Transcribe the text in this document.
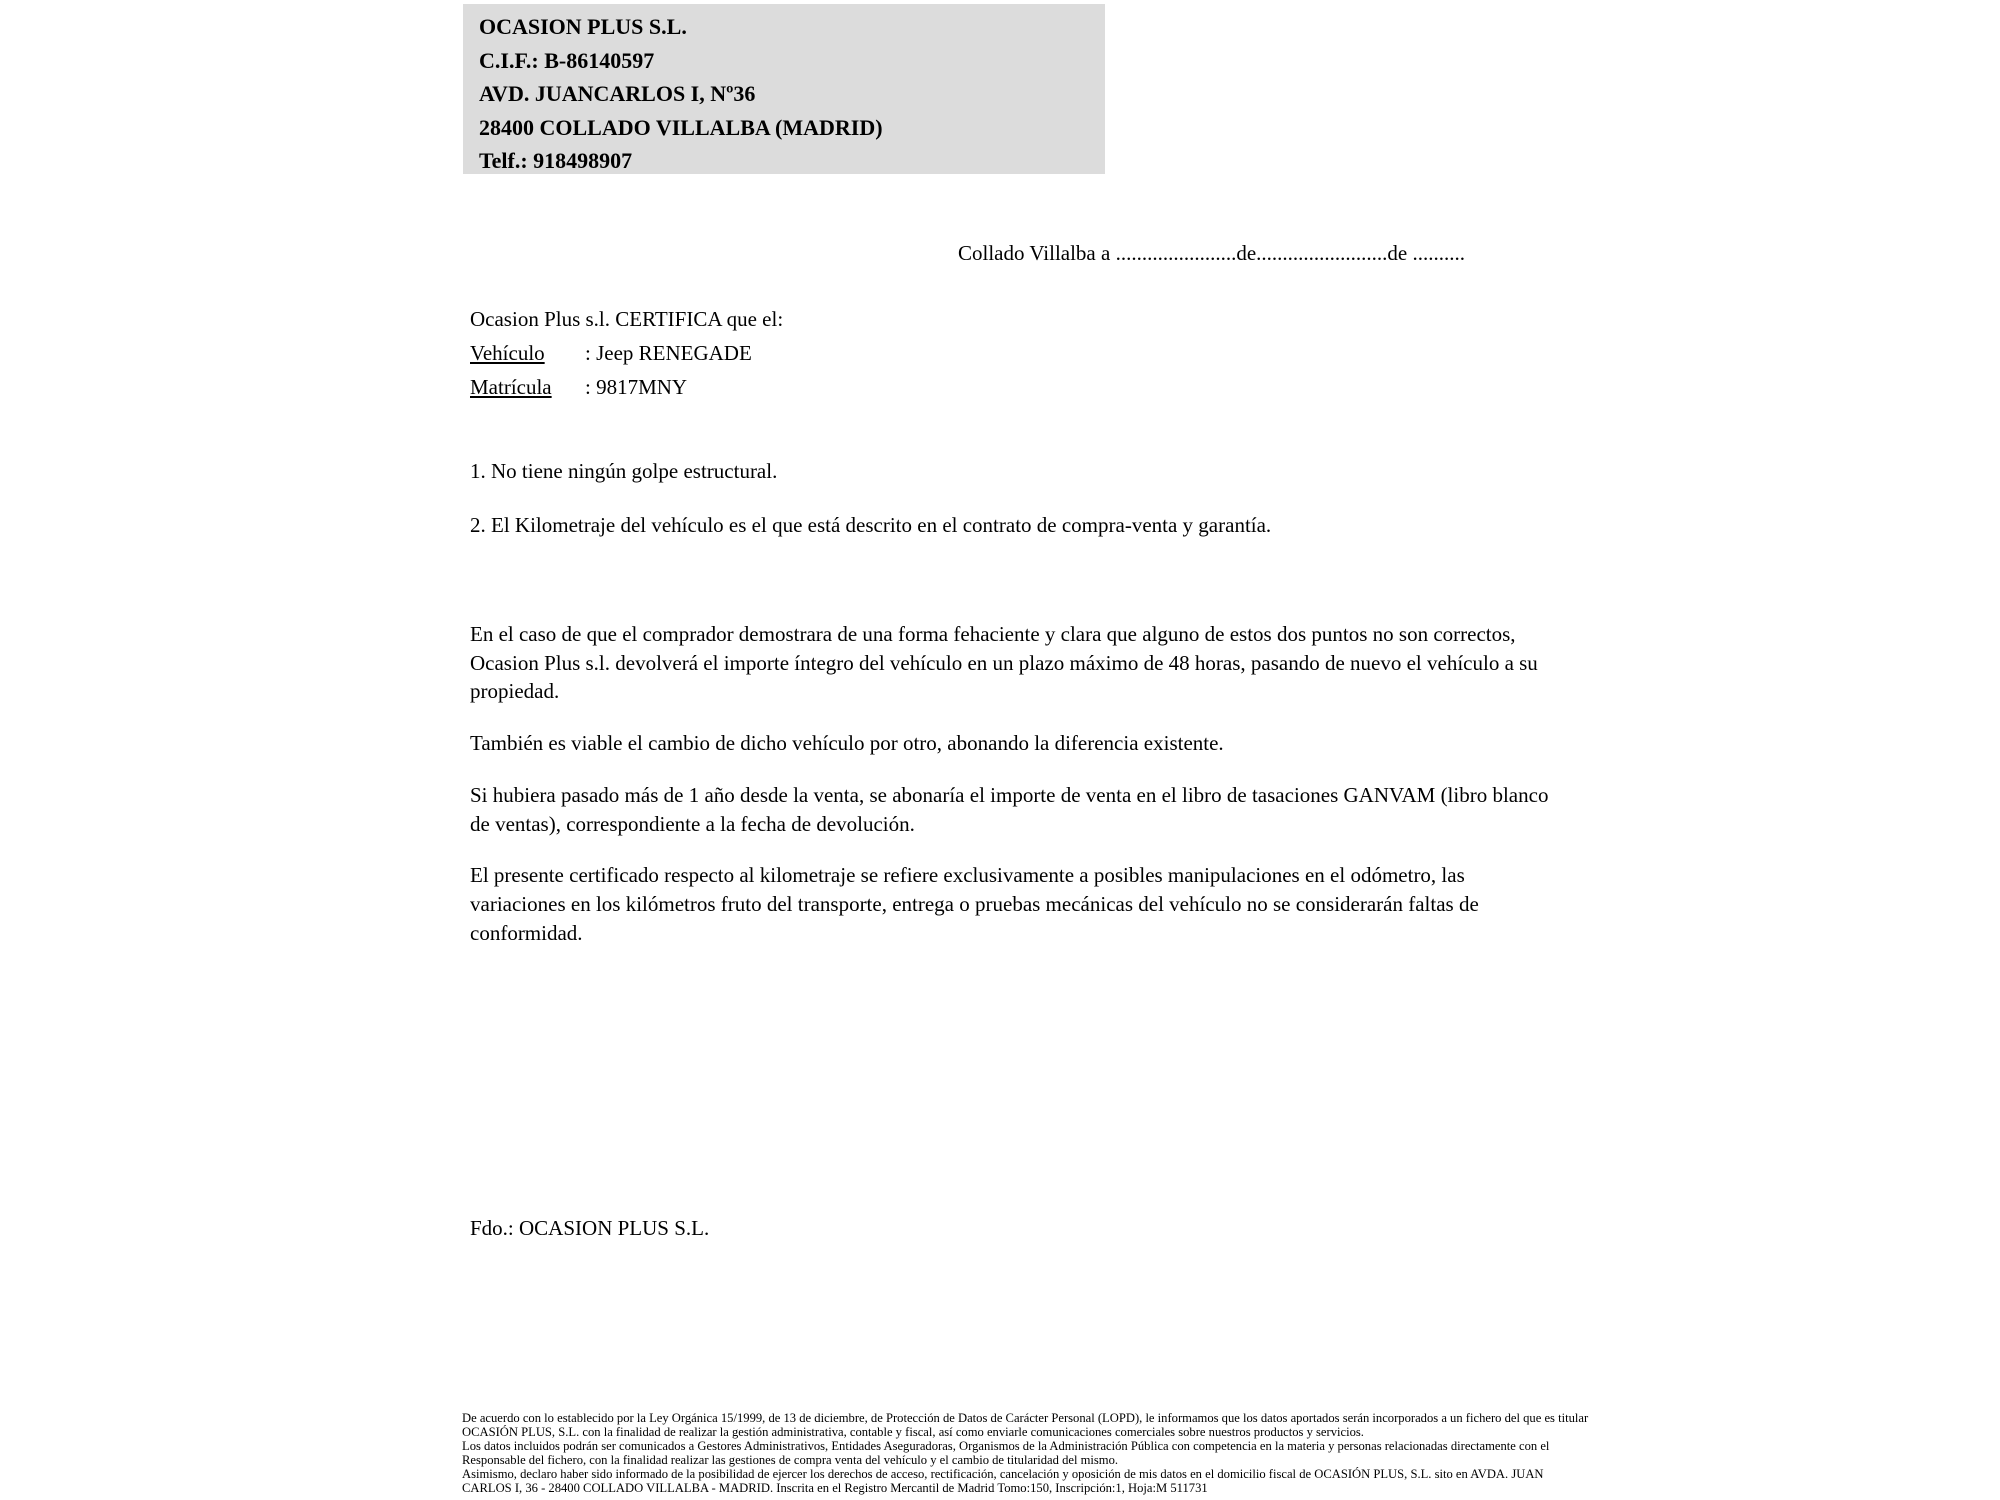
OCASION PLUS S.L.
C.I.F.: B-86140597
AVD. JUANCARLOS I, Nº36
28400 COLLADO VILLALBA (MADRID)
Telf.: 918498907
Collado Villalba a .......................de.........................de ..........
Ocasion Plus s.l. CERTIFICA que el:
Vehículo	: Jeep RENEGADE
Matrícula	: 9817MNY
1. No tiene ningún golpe estructural.
2. El Kilometraje del vehículo es el que está descrito en el contrato de compra-venta y garantía.

En el caso de que el comprador demostrara de una forma fehaciente y clara que alguno de estos dos puntos no son correctos, Ocasion Plus s.l. devolverá el importe íntegro del vehículo en un plazo máximo de 48 horas, pasando de nuevo el vehículo a su propiedad.

También es viable el cambio de dicho vehículo por otro, abonando la diferencia existente.

Si hubiera pasado más de 1 año desde la venta, se abonaría el importe de venta en el libro de tasaciones GANVAM (libro blanco de ventas), correspondiente a la fecha de devolución.

El presente certificado respecto al kilometraje se refiere exclusivamente a posibles manipulaciones en el odómetro, las variaciones en los kilómetros fruto del transporte, entrega o pruebas mecánicas del vehículo no se considerarán faltas de conformidad.

Fdo.: OCASION PLUS S.L.
De acuerdo con lo establecido por la Ley Orgánica 15/1999, de 13 de diciembre, de Protección de Datos de Carácter Personal (LOPD), le informamos que los datos aportados serán incorporados a un fichero del que es titular
OCASIÓN PLUS, S.L. con la finalidad de realizar la gestión administrativa, contable y fiscal, así como enviarle comunicaciones comerciales sobre nuestros productos y servicios.
Los datos incluidos podrán ser comunicados a Gestores Administrativos, Entidades Aseguradoras, Organismos de la Administración Pública con competencia en la materia y personas relacionadas directamente con el
Responsable del fichero, con la finalidad realizar las gestiones de compra venta del vehículo y el cambio de titularidad del mismo.
Asimismo, declaro haber sido informado de la posibilidad de ejercer los derechos de acceso, rectificación, cancelación y oposición de mis datos en el domicilio fiscal de OCASIÓN PLUS, S.L. sito en AVDA. JUAN
CARLOS I, 36 - 28400 COLLADO VILLALBA - MADRID. Inscrita en el Registro Mercantil de Madrid Tomo:150, Inscripción:1, Hoja:M 511731
